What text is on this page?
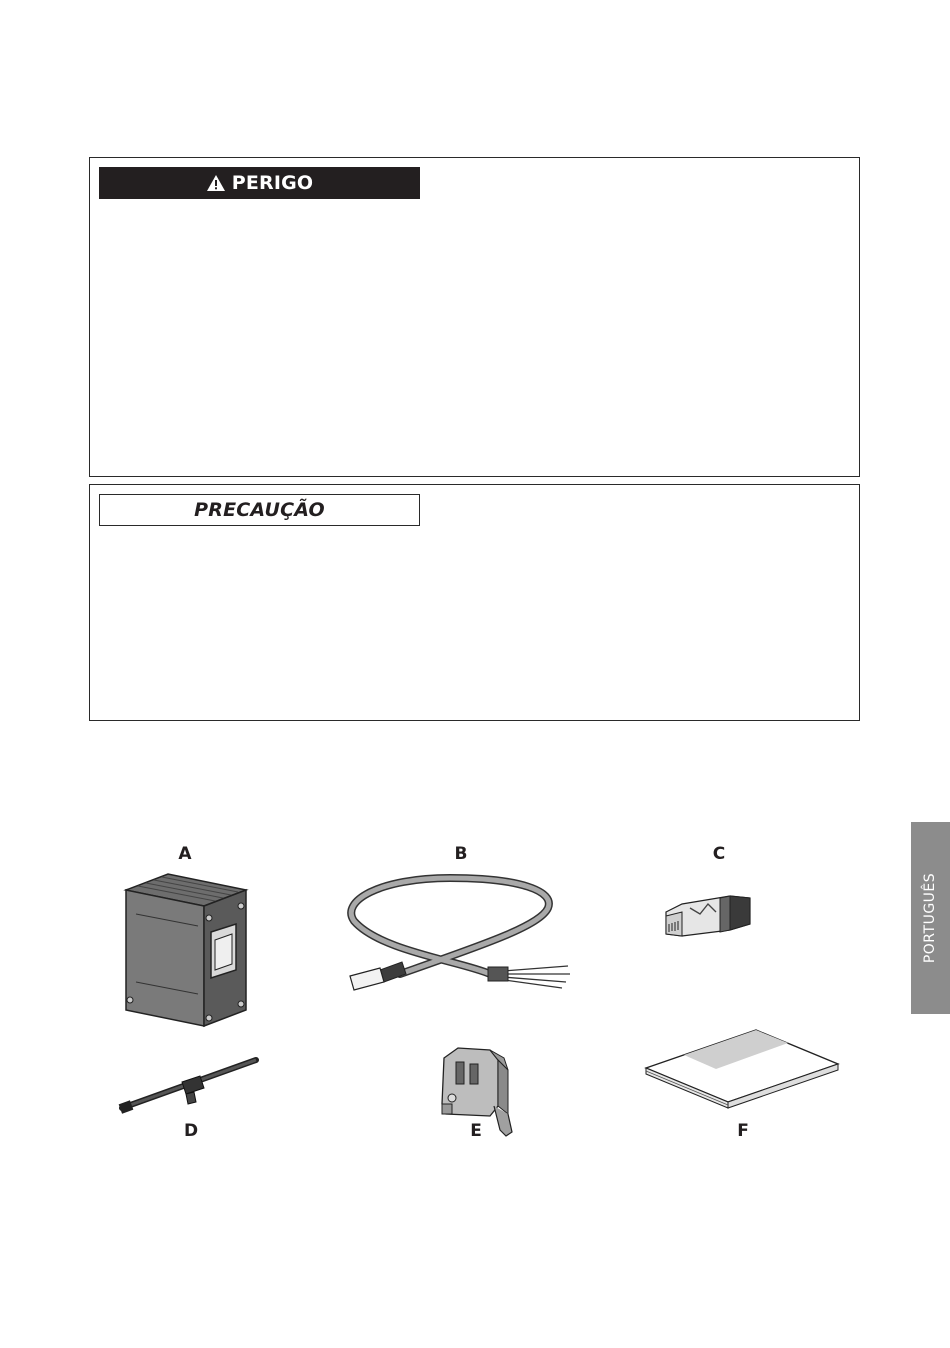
PERIGO
PRECAUÇÃO
A	B	C
D	E	F
PORTUGUÊS
